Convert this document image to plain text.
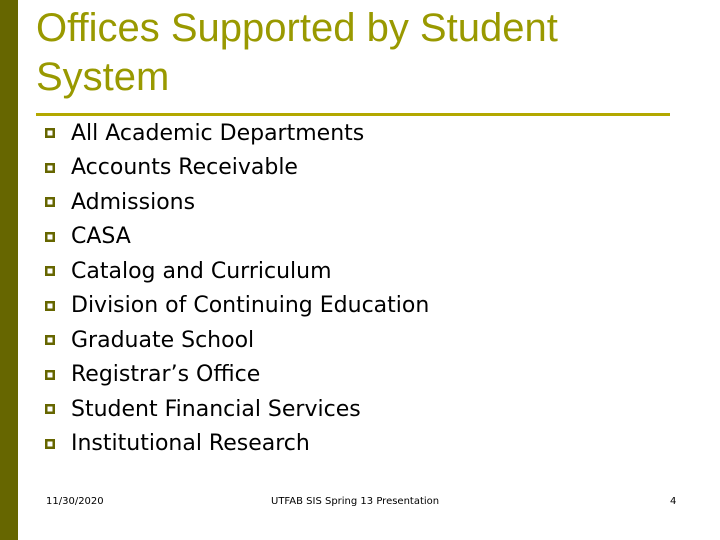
Offices Supported by Student System
All Academic Departments
Accounts Receivable
Admissions
CASA
Catalog and Curriculum
Division of Continuing Education
Graduate School
Registrar’s Office
Student Financial Services
Institutional Research
11/30/2020	UTFAB SIS Spring 13 Presentation	4
